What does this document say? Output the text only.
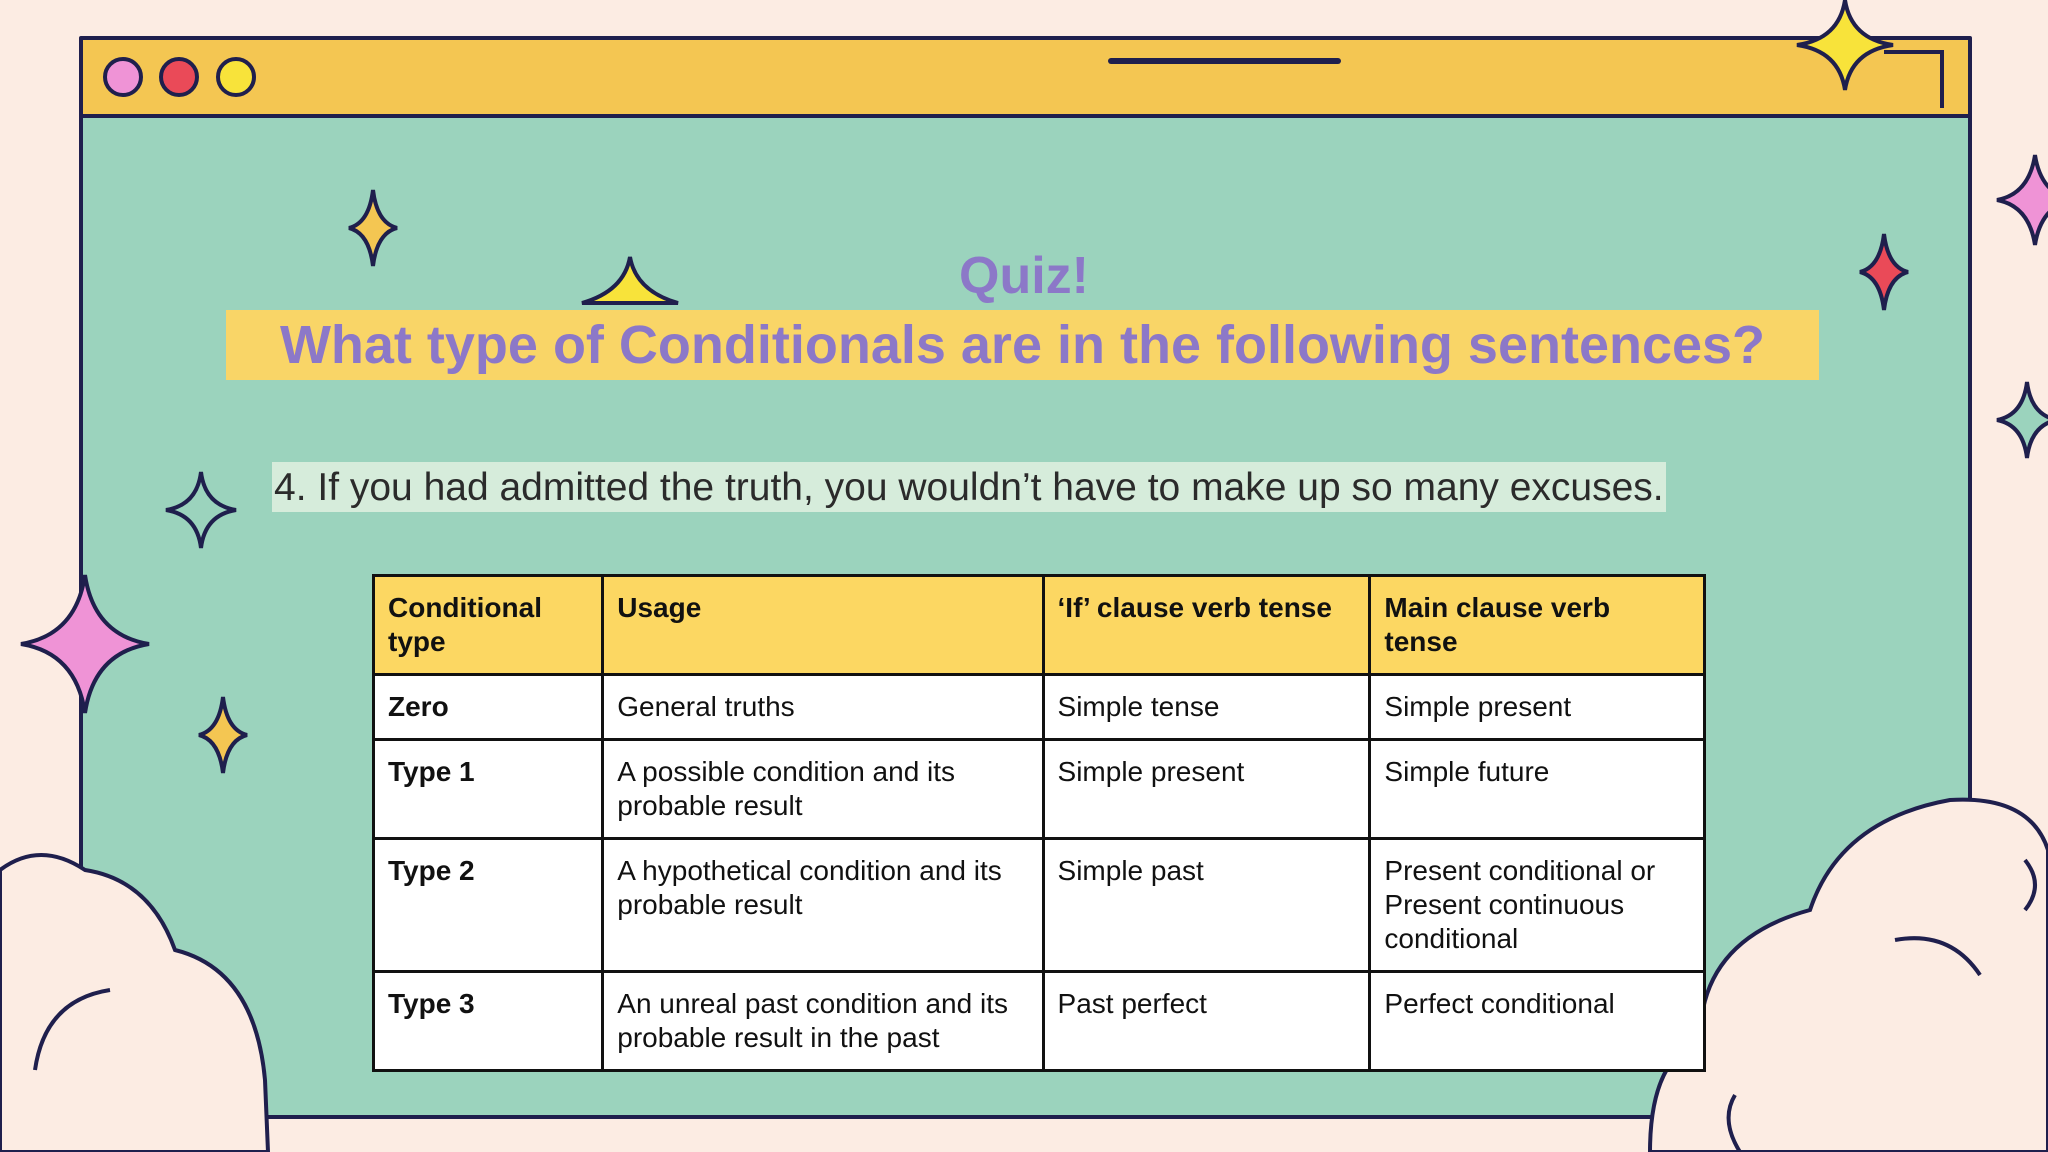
Quiz!
What type of Conditionals are in the following sentences?
4. If you had admitted the truth, you wouldn’t have to make up so many excuses.
Conditional type	Usage	‘If’ clause verb tense	Main clause verb tense
Zero	General truths	Simple tense	Simple present
Type 1	A possible condition and its probable result	Simple present	Simple future
Type 2	A hypothetical condition and its probable result	Simple past	Present conditional or Present continuous conditional
Type 3	An unreal past condition and its probable result in the past	Past perfect	Perfect conditional
